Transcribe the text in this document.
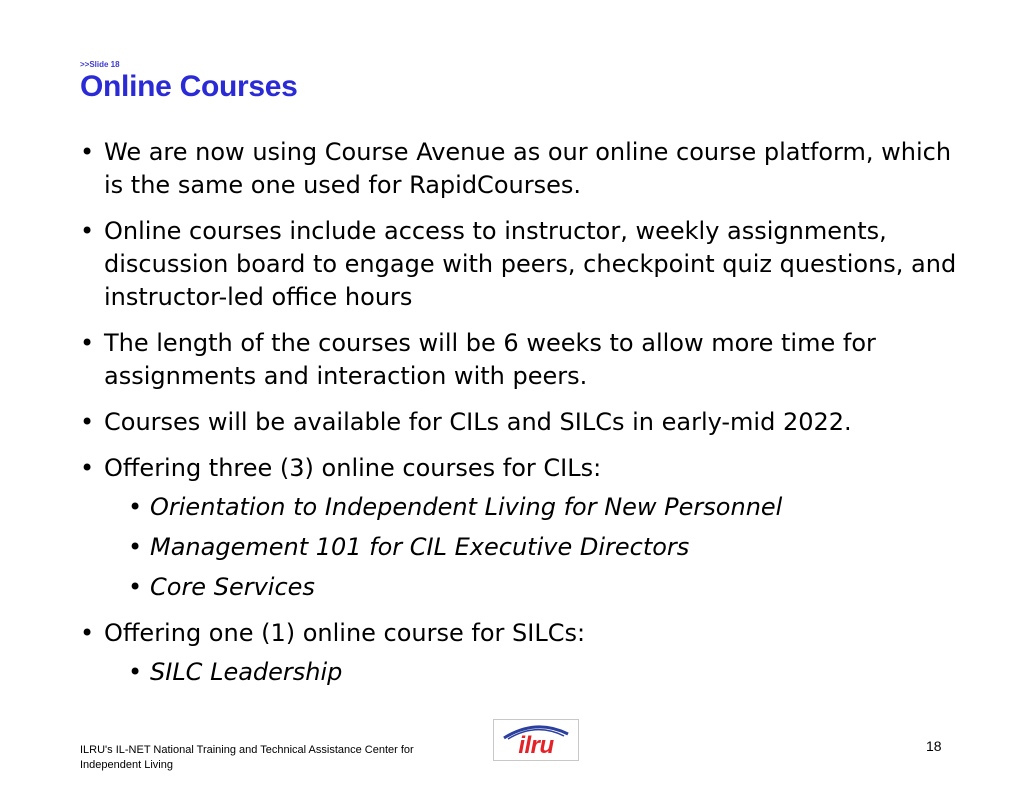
>>Slide 18
Online Courses
• We are now using Course Avenue as our online course platform, which is the same one used for RapidCourses.
• Online courses include access to instructor, weekly assignments, discussion board to engage with peers, checkpoint quiz questions, and instructor-led office hours
• The length of the courses will be 6 weeks to allow more time for assignments and interaction with peers.
• Courses will be available for CILs and SILCs in early-mid 2022.
• Offering three (3) online courses for CILs:
• Orientation to Independent Living for New Personnel
• Management 101 for CIL Executive Directors
• Core Services
• Offering one (1) online course for SILCs:
• SILC Leadership
ILRU's IL-NET National Training and Technical Assistance Center for Independent Living
ilru	18
